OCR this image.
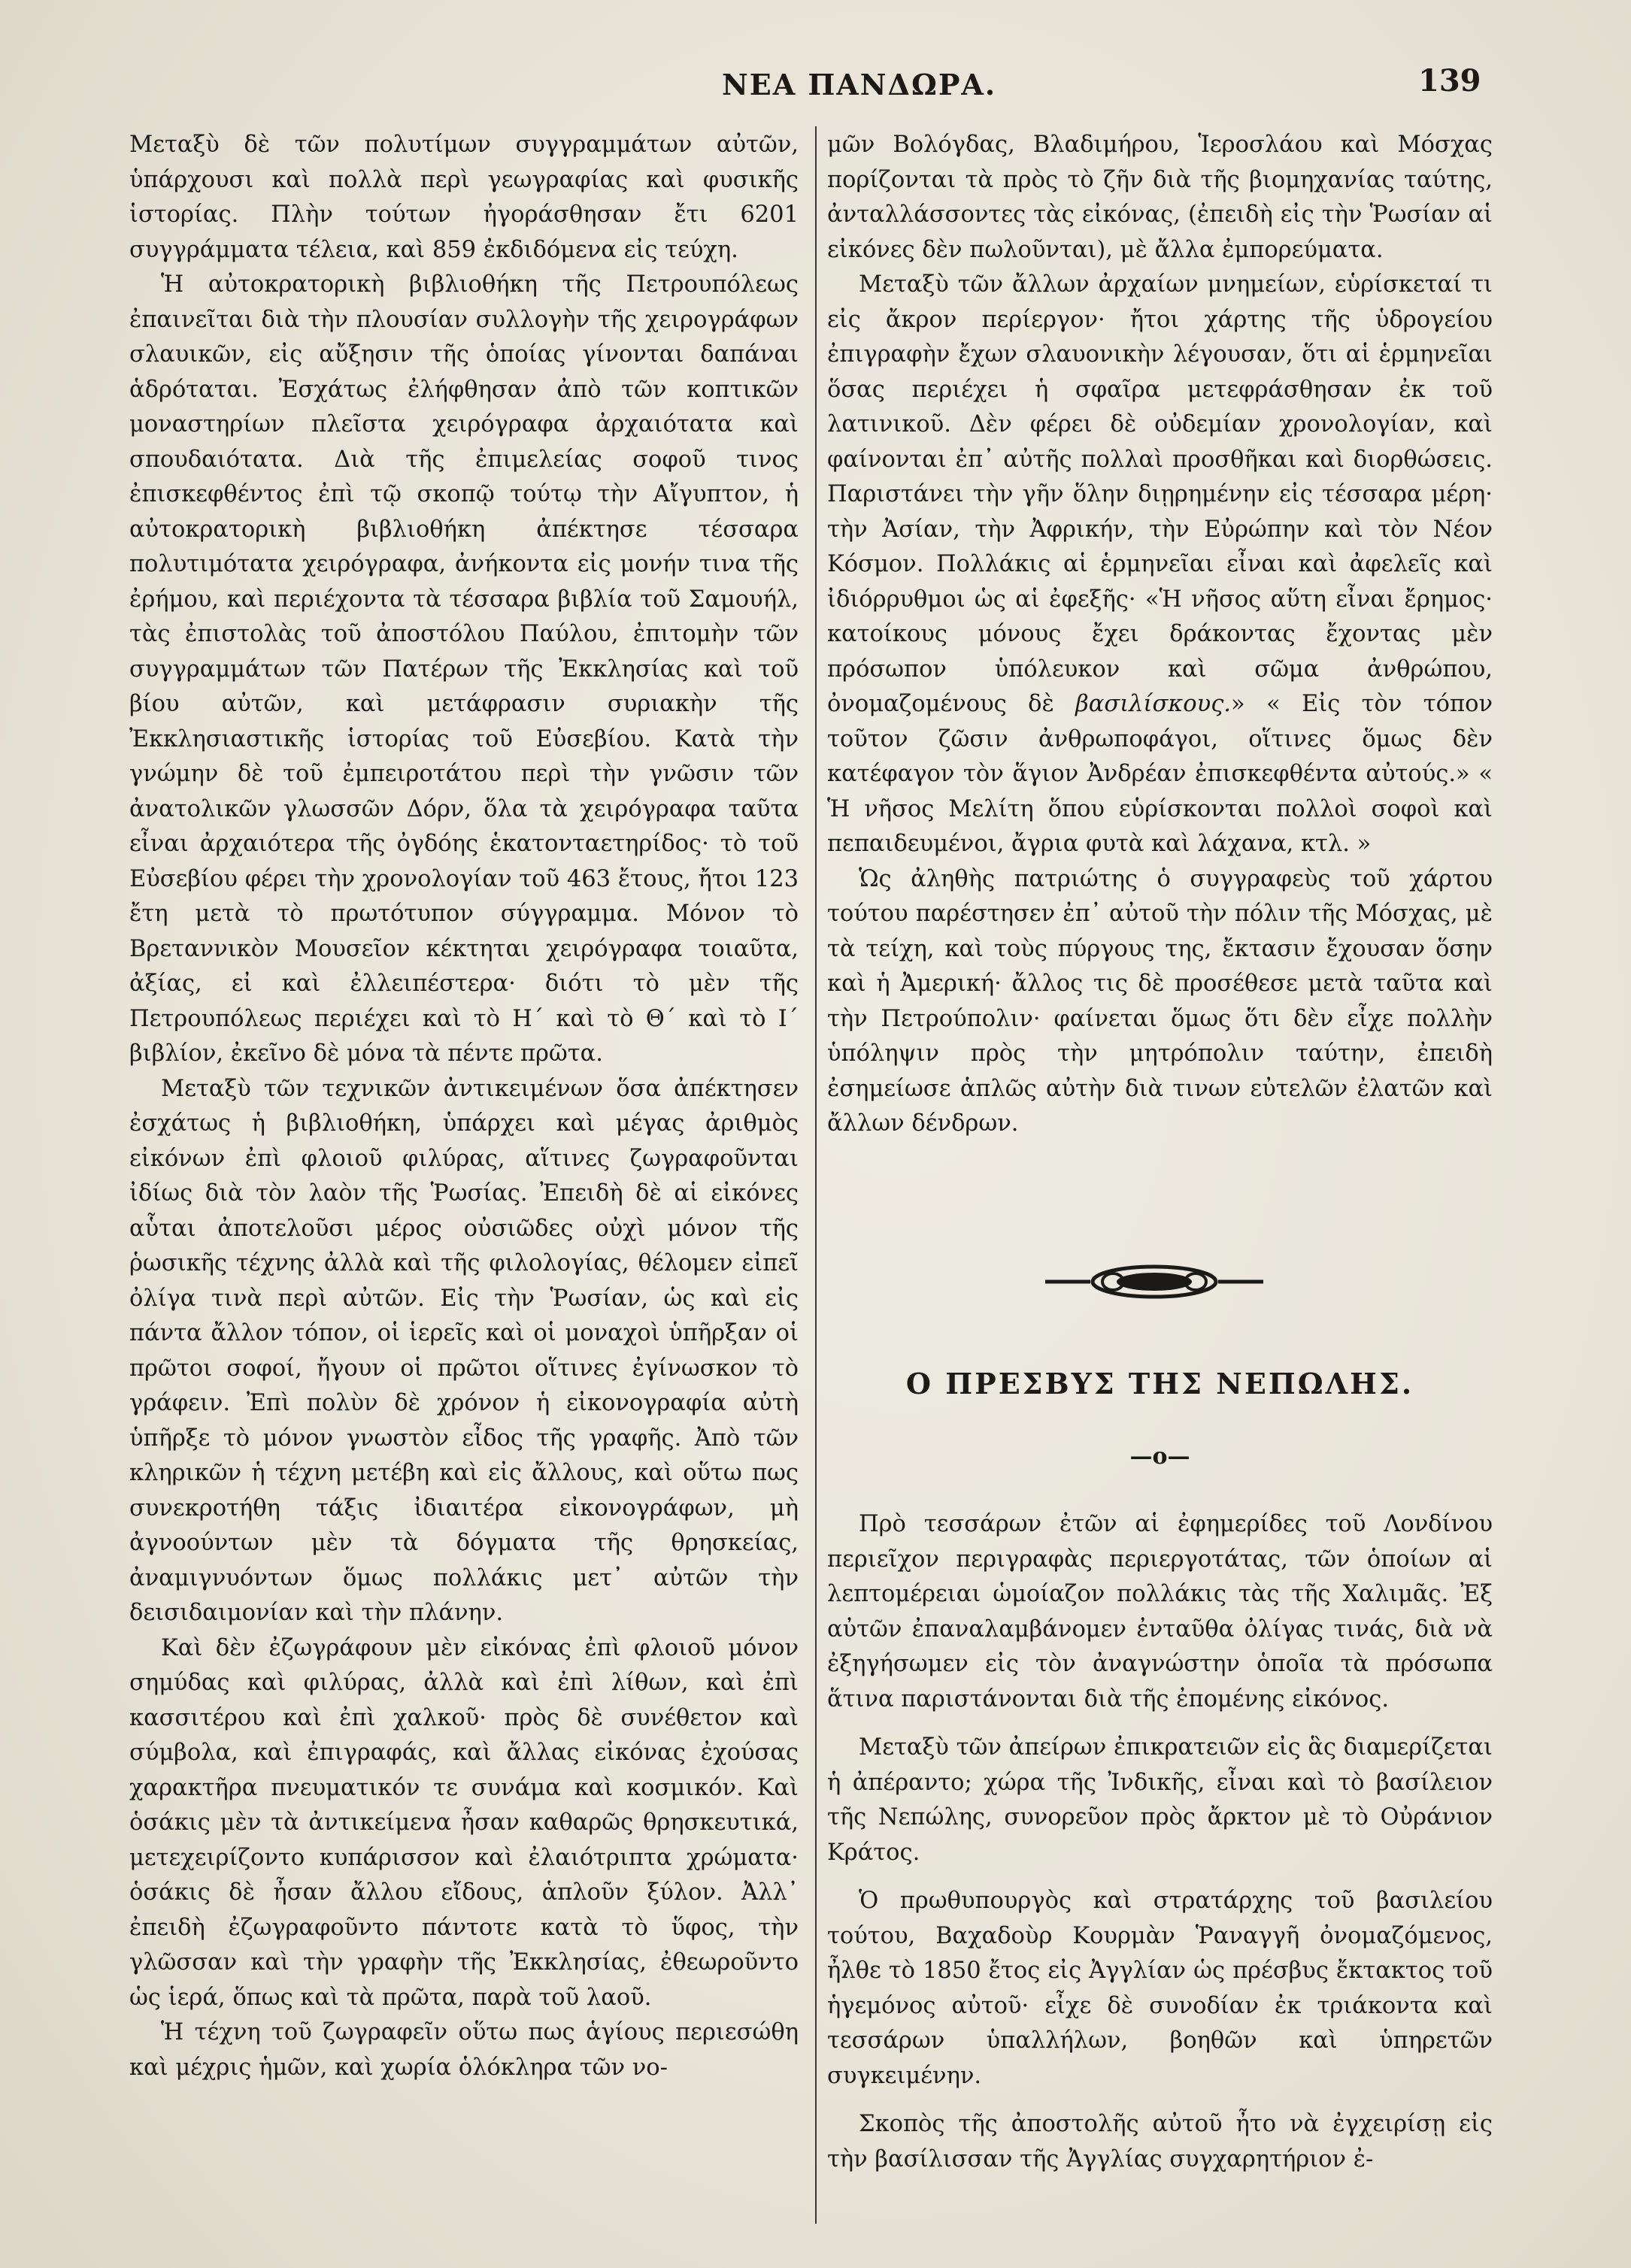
ΝΕΑ ΠΑΝΔΩΡΑ.	139

Μεταξὺ δὲ τῶν πολυτίμων συγγραμμάτων αὐτῶν, ὑπάρχουσι καὶ πολλὰ περὶ γεωγραφίας καὶ φυσικῆς ἱστορίας. Πλὴν τούτων ἠγοράσθησαν ἔτι 6201 συγγράμματα τέλεια, καὶ 859 ἐκδιδόμενα εἰς τεύχη.

Ἡ αὐτοκρατορικὴ βιβλιοθήκη τῆς Πετρουπόλεως ἐπαινεῖται διὰ τὴν πλουσίαν συλλογὴν τῆς χειρογράφων σλαυικῶν, εἰς αὔξησιν τῆς ὁποίας γίνονται δαπάναι ἁδρόταται. Ἐσχάτως ἐλήφθησαν ἀπὸ τῶν κοπτικῶν μοναστηρίων πλεῖστα χειρόγραφα ἀρχαιότατα καὶ σπουδαιότατα. Διὰ τῆς ἐπιμελείας σοφοῦ τινος ἐπισκεφθέντος ἐπὶ τῷ σκοπῷ τούτῳ τὴν Αἴγυπτον, ἡ αὐτοκρατορικὴ βιβλιοθήκη ἀπέκτησε τέσσαρα πολυτιμότατα χειρόγραφα, ἀνήκοντα εἰς μονήν τινα τῆς ἐρήμου, καὶ περιέχοντα τὰ τέσσαρα βιβλία τοῦ Σαμουήλ, τὰς ἐπιστολὰς τοῦ ἀποστόλου Παύλου, ἐπιτομὴν τῶν συγγραμμάτων τῶν Πατέρων τῆς Ἐκκλησίας καὶ τοῦ βίου αὐτῶν, καὶ μετάφρασιν συριακὴν τῆς Ἐκκλησιαστικῆς ἱστορίας τοῦ Εὐσεβίου. Κατὰ τὴν γνώμην δὲ τοῦ ἐμπειροτάτου περὶ τὴν γνῶσιν τῶν ἀνατολικῶν γλωσσῶν Δόρν, ὅλα τὰ χειρόγραφα ταῦτα εἶναι ἀρχαιότερα τῆς ὀγδόης ἑκατονταετηρίδος· τὸ τοῦ Εὐσεβίου φέρει τὴν χρονολογίαν τοῦ 463 ἔτους, ἤτοι 123 ἔτη μετὰ τὸ πρωτότυπον σύγγραμμα. Μόνον τὸ Βρεταννικὸν Μουσεῖον κέκτηται χειρόγραφα τοιαῦτα, ἀξίας, εἰ καὶ ἐλλειπέστερα· διότι τὸ μὲν τῆς Πετρουπόλεως περιέχει καὶ τὸ Η΄ καὶ τὸ Θ΄ καὶ τὸ Ι΄ βιβλίον, ἐκεῖνο δὲ μόνα τὰ πέντε πρῶτα.

Μεταξὺ τῶν τεχνικῶν ἀντικειμένων ὅσα ἀπέκτησεν ἐσχάτως ἡ βιβλιοθήκη, ὑπάρχει καὶ μέγας ἀριθμὸς εἰκόνων ἐπὶ φλοιοῦ φιλύρας, αἵτινες ζωγραφοῦνται ἰδίως διὰ τὸν λαὸν τῆς Ῥωσίας. Ἐπειδὴ δὲ αἱ εἰκόνες αὗται ἀποτελοῦσι μέρος οὐσιῶδες οὐχὶ μόνον τῆς ῥωσικῆς τέχνης ἀλλὰ καὶ τῆς φιλολογίας, θέλομεν εἰπεῖ ὀλίγα τινὰ περὶ αὐτῶν. Εἰς τὴν Ῥωσίαν, ὡς καὶ εἰς πάντα ἄλλον τόπον, οἱ ἱερεῖς καὶ οἱ μοναχοὶ ὑπῆρξαν οἱ πρῶτοι σοφοί, ἤγουν οἱ πρῶτοι οἵτινες ἐγίνωσκον τὸ γράφειν. Ἐπὶ πολὺν δὲ χρόνον ἡ εἰκονογραφία αὐτὴ ὑπῆρξε τὸ μόνον γνωστὸν εἶδος τῆς γραφῆς. Ἀπὸ τῶν κληρικῶν ἡ τέχνη μετέβη καὶ εἰς ἄλλους, καὶ οὕτω πως συνεκροτήθη τάξις ἰδιαιτέρα εἰκονογράφων, μὴ ἀγνοούντων μὲν τὰ δόγματα τῆς θρησκείας, ἀναμιγνυόντων ὅμως πολλάκις μετ᾽ αὐτῶν τὴν δεισιδαιμονίαν καὶ τὴν πλάνην.

Καὶ δὲν ἐζωγράφουν μὲν εἰκόνας ἐπὶ φλοιοῦ μόνον σημύδας καὶ φιλύρας, ἀλλὰ καὶ ἐπὶ λίθων, καὶ ἐπὶ κασσιτέρου καὶ ἐπὶ χαλκοῦ· πρὸς δὲ συνέθετον καὶ σύμβολα, καὶ ἐπιγραφάς, καὶ ἄλλας εἰκόνας ἐχούσας χαρακτῆρα πνευματικόν τε συνάμα καὶ κοσμικόν. Καὶ ὁσάκις μὲν τὰ ἀντικείμενα ἦσαν καθαρῶς θρησκευτικά, μετεχειρίζοντο κυπάρισσον καὶ ἐλαιότριπτα χρώματα· ὁσάκις δὲ ἦσαν ἄλλου εἴδους, ἁπλοῦν ξύλον. Ἀλλ᾽ ἐπειδὴ ἐζωγραφοῦντο πάντοτε κατὰ τὸ ὕφος, τὴν γλῶσσαν καὶ τὴν γραφὴν τῆς Ἐκκλησίας, ἐθεωροῦντο ὡς ἱερά, ὅπως καὶ τὰ πρῶτα, παρὰ τοῦ λαοῦ.

Ἡ τέχνη τοῦ ζωγραφεῖν οὕτω πως ἁγίους περιεσώθη καὶ μέχρις ἡμῶν, καὶ χωρία ὁλόκληρα τῶν νο-

μῶν Βολόγδας, Βλαδιμήρου, Ἱεροσλάου καὶ Μόσχας πορίζονται τὰ πρὸς τὸ ζῆν διὰ τῆς βιομηχανίας ταύτης, ἀνταλλάσσοντες τὰς εἰκόνας, (ἐπειδὴ εἰς τὴν Ῥωσίαν αἱ εἰκόνες δὲν πωλοῦνται), μὲ ἄλλα ἐμπορεύματα.

Μεταξὺ τῶν ἄλλων ἀρχαίων μνημείων, εὑρίσκεταί τι εἰς ἄκρον περίεργον· ἤτοι χάρτης τῆς ὑδρογείου ἐπιγραφὴν ἔχων σλαυονικὴν λέγουσαν, ὅτι αἱ ἑρμηνεῖαι ὅσας περιέχει ἡ σφαῖρα μετεφράσθησαν ἐκ τοῦ λατινικοῦ. Δὲν φέρει δὲ οὐδεμίαν χρονολογίαν, καὶ φαίνονται ἐπ᾽ αὐτῆς πολλαὶ προσθῆκαι καὶ διορθώσεις. Παριστάνει τὴν γῆν ὅλην διῃρημένην εἰς τέσσαρα μέρη· τὴν Ἀσίαν, τὴν Ἀφρικήν, τὴν Εὐρώπην καὶ τὸν Νέον Κόσμον. Πολλάκις αἱ ἑρμηνεῖαι εἶναι καὶ ἀφελεῖς καὶ ἰδιόρρυθμοι ὡς αἱ ἐφεξῆς· «Ἡ νῆσος αὕτη εἶναι ἔρημος· κατοίκους μόνους ἔχει δράκοντας ἔχοντας μὲν πρόσωπον ὑπόλευκον καὶ σῶμα ἀνθρώπου, ὀνομαζομένους δὲ βασιλίσκους.» « Εἰς τὸν τόπον τοῦτον ζῶσιν ἀνθρωποφάγοι, οἵτινες ὅμως δὲν κατέφαγον τὸν ἅγιον Ἀνδρέαν ἐπισκεφθέντα αὐτούς.» « Ἡ νῆσος Μελίτη ὅπου εὑρίσκονται πολλοὶ σοφοὶ καὶ πεπαιδευμένοι, ἄγρια φυτὰ καὶ λάχανα, κτλ. »

Ὡς ἀληθὴς πατριώτης ὁ συγγραφεὺς τοῦ χάρτου τούτου παρέστησεν ἐπ᾽ αὐτοῦ τὴν πόλιν τῆς Μόσχας, μὲ τὰ τείχη, καὶ τοὺς πύργους της, ἔκτασιν ἔχουσαν ὅσην καὶ ἡ Ἀμερική· ἄλλος τις δὲ προσέθεσε μετὰ ταῦτα καὶ τὴν Πετρούπολιν· φαίνεται ὅμως ὅτι δὲν εἶχε πολλὴν ὑπόληψιν πρὸς τὴν μητρόπολιν ταύτην, ἐπειδὴ ἐσημείωσε ἁπλῶς αὐτὴν διὰ τινων εὐτελῶν ἐλατῶν καὶ ἄλλων δένδρων.

Ο ΠΡΕΣΒΥΣ ΤΗΣ ΝΕΠΩΛΗΣ.
—o—

Πρὸ τεσσάρων ἐτῶν αἱ ἐφημερίδες τοῦ Λονδίνου περιεῖχον περιγραφὰς περιεργοτάτας, τῶν ὁποίων αἱ λεπτομέρειαι ὡμοίαζον πολλάκις τὰς τῆς Χαλιμᾶς. Ἐξ αὐτῶν ἐπαναλαμβάνομεν ἐνταῦθα ὀλίγας τινάς, διὰ νὰ ἐξηγήσωμεν εἰς τὸν ἀναγνώστην ὁποῖα τὰ πρόσωπα ἅτινα παριστάνονται διὰ τῆς ἐπομένης εἰκόνος.

Μεταξὺ τῶν ἀπείρων ἐπικρατειῶν εἰς ἃς διαμερίζεται ἡ ἀπέραντο; χώρα τῆς Ἰνδικῆς, εἶναι καὶ τὸ βασίλειον τῆς Νεπώλης, συνορεῦον πρὸς ἄρκτον μὲ τὸ Οὐράνιον Κράτος.

Ὁ πρωθυπουργὸς καὶ στρατάρχης τοῦ βασιλείου τούτου, Βαχαδοὺρ Κουρμὰν Ῥαναγγῆ ὀνομαζόμενος, ἦλθε τὸ 1850 ἔτος εἰς Ἀγγλίαν ὡς πρέσβυς ἔκτακτος τοῦ ἡγεμόνος αὐτοῦ· εἶχε δὲ συνοδίαν ἐκ τριάκοντα καὶ τεσσάρων ὑπαλλήλων, βοηθῶν καὶ ὑπηρετῶν συγκειμένην.

Σκοπὸς τῆς ἀποστολῆς αὐτοῦ ἦτο νὰ ἐγχειρίσῃ εἰς τὴν βασίλισσαν τῆς Ἀγγλίας συγχαρητήριον ἐ-
